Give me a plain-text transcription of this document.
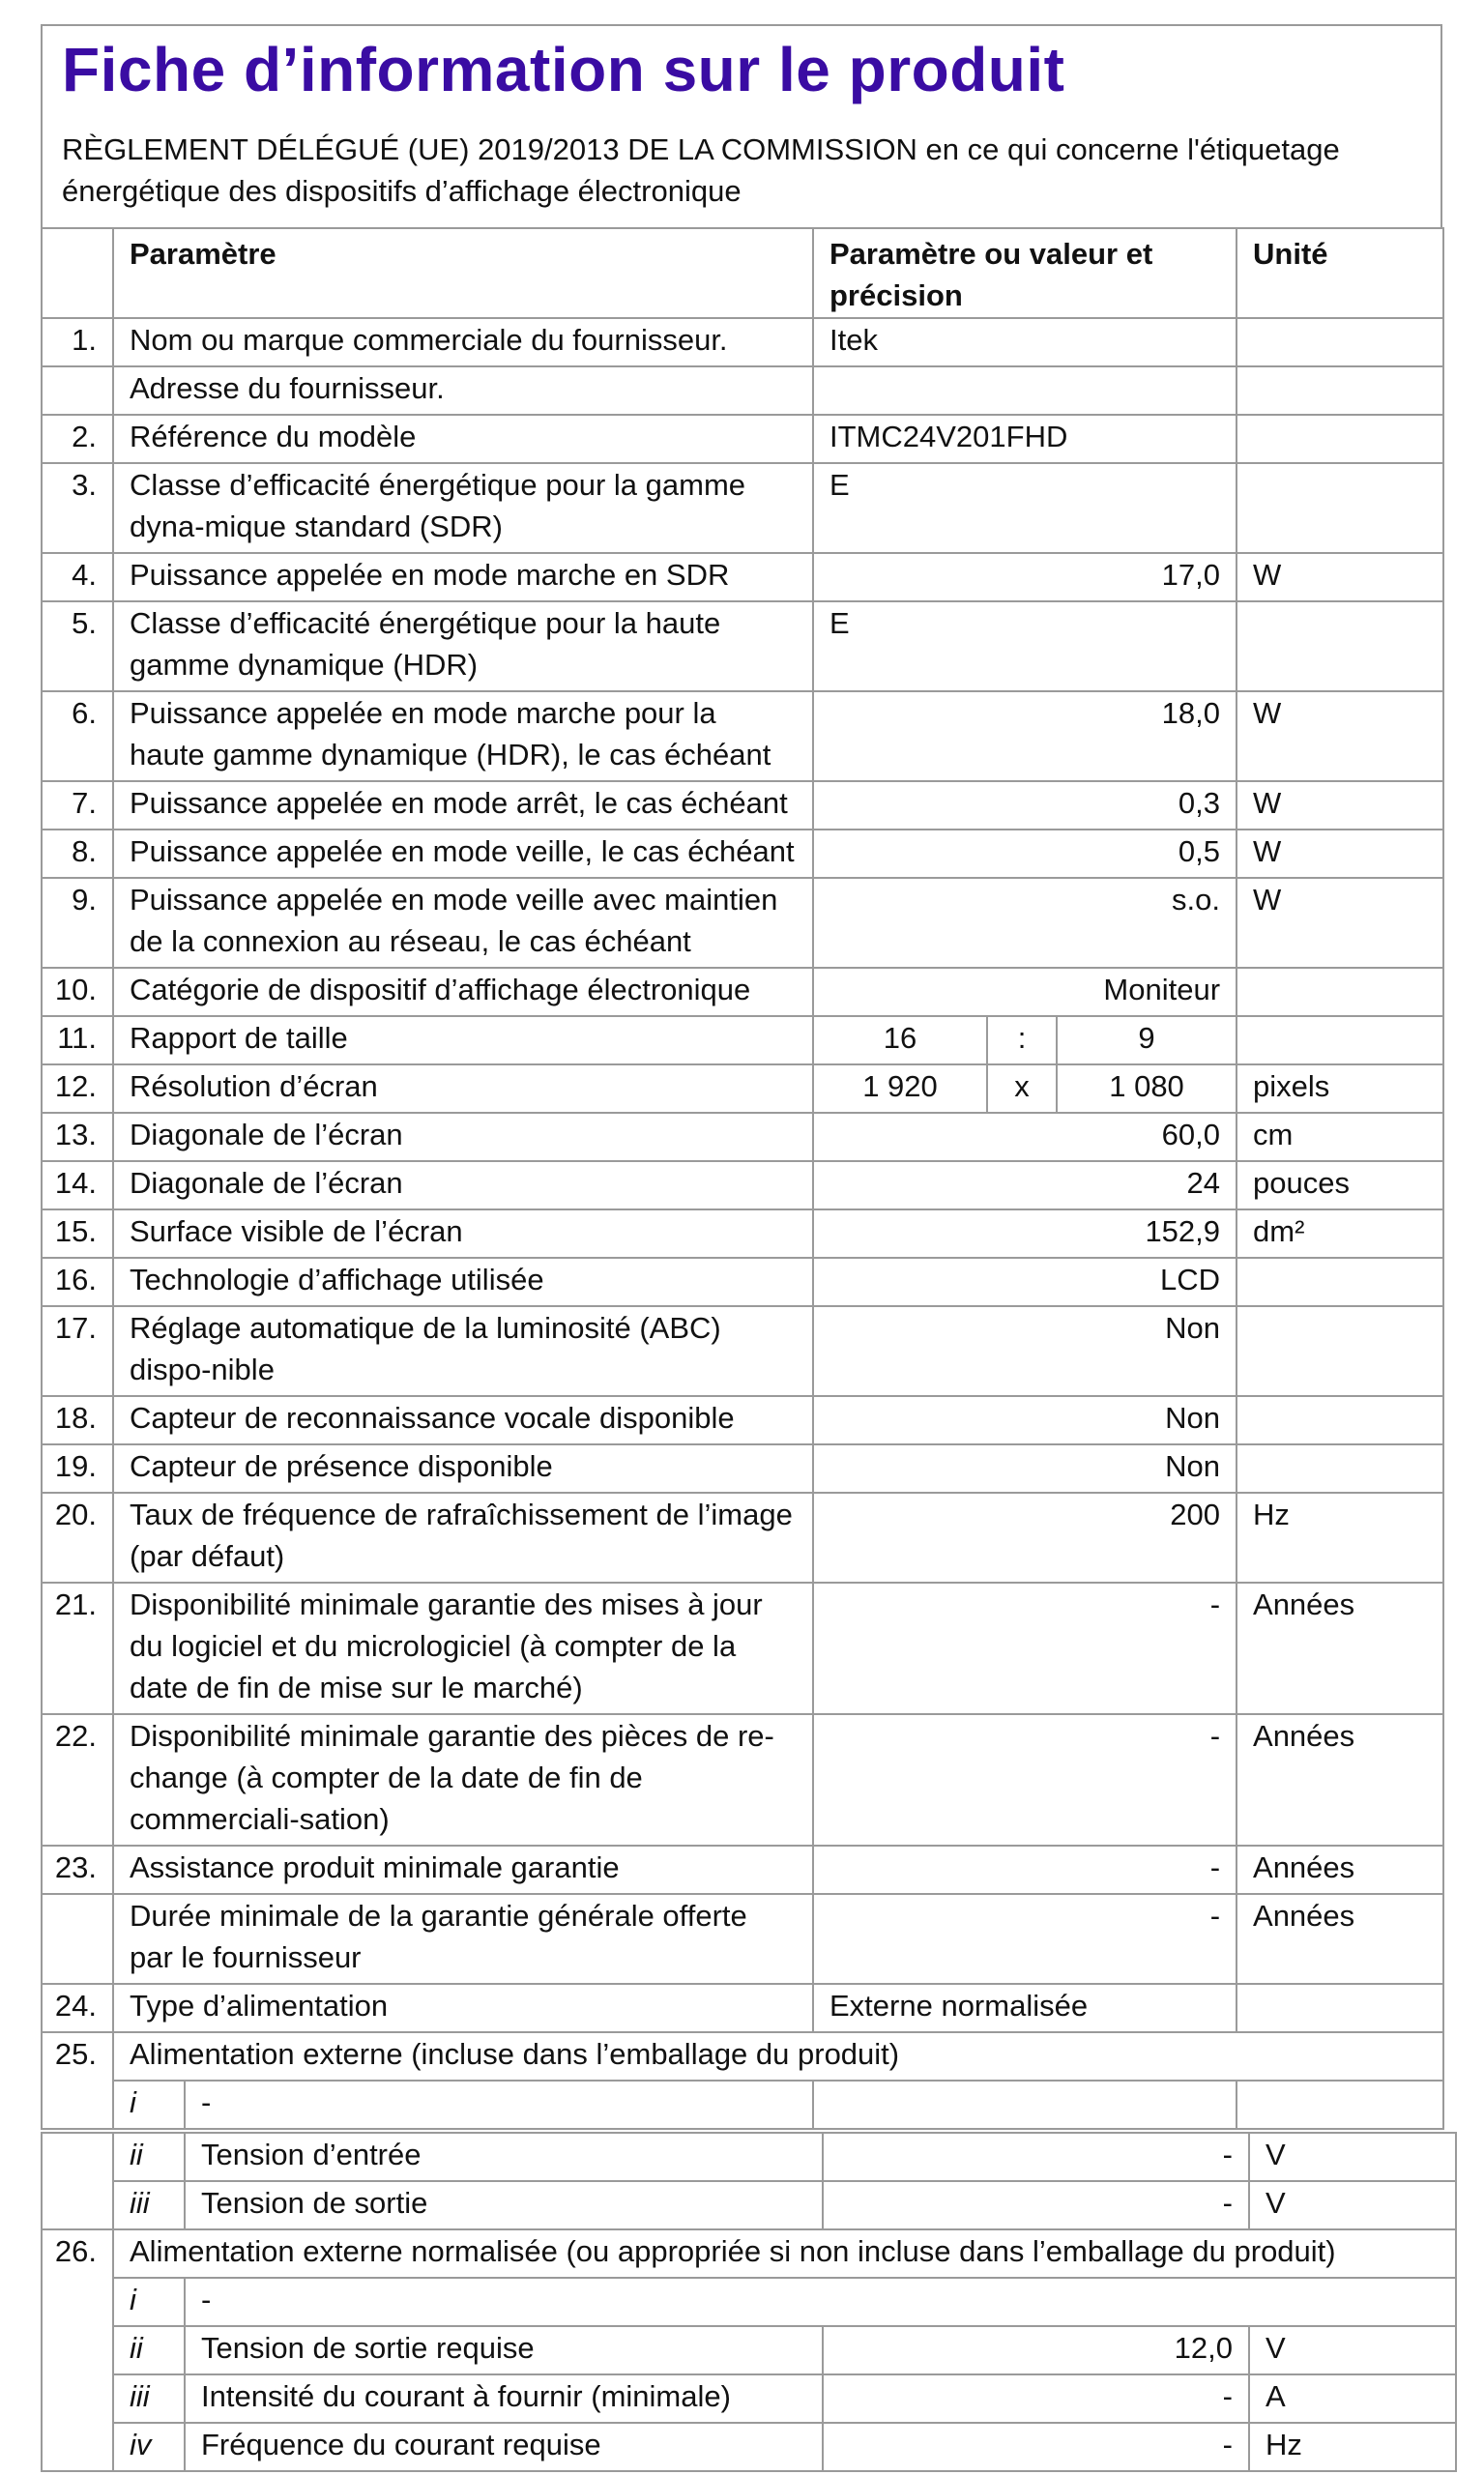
Fiche d’information sur le produit
RÈGLEMENT DÉLÉGUÉ (UE) 2019/2013 DE LA COMMISSION en ce qui concerne l'étiquetage énergétique des dispositifs d’affichage électronique
	Paramètre		Paramètre ou valeur et précision			Unité
1.	Nom ou marque commerciale du fournisseur.		Itek			
	Adresse du fournisseur.					
2.	Référence du modèle		ITMC24V201FHD			
3.	Classe d’efficacité énergétique pour la gamme dyna-mique standard (SDR)		E			
4.	Puissance appelée en mode marche en SDR		17,0			W
5.	Classe d’efficacité énergétique pour la haute gamme dynamique (HDR)		E			
6.	Puissance appelée en mode marche pour la haute gamme dynamique (HDR), le cas échéant		18,0			W
7.	Puissance appelée en mode arrêt, le cas échéant		0,3			W
8.	Puissance appelée en mode veille, le cas échéant		0,5			W
9.	Puissance appelée en mode veille avec maintien de la connexion au réseau, le cas échéant		s.o.			W
10.	Catégorie de dispositif d’affichage électronique		Moniteur			
11.	Rapport de taille		16	:	9	
12.	Résolution d’écran		1 920	x	1 080	pixels
13.	Diagonale de l’écran		60,0			cm
14.	Diagonale de l’écran		24			pouces
15.	Surface visible de l’écran		152,9			dm²
16.	Technologie d’affichage utilisée		LCD			
17.	Réglage automatique de la luminosité (ABC) dispo-nible		Non			
18.	Capteur de reconnaissance vocale disponible		Non			
19.	Capteur de présence disponible		Non			
20.	Taux de fréquence de rafraîchissement de l’image (par défaut)		200			Hz
21.	Disponibilité minimale garantie des mises à jour du logiciel et du micrologiciel (à compter de la date de fin de mise sur le marché)		-			Années
22.	Disponibilité minimale garantie des pièces de re-change (à compter de la date de fin de commerciali-sation)		-			Années
23.	Assistance produit minimale garantie		-			Années
	Durée minimale de la garantie générale offerte par le fournisseur		-			Années
24.	Type d’alimentation		Externe normalisée			
25.	Alimentation externe (incluse dans l’emballage du produit)					
	i	-				
	ii	Tension d’entrée	-	V
	iii	Tension de sortie	-	V
26.	Alimentation externe normalisée (ou appropriée si non incluse dans l’emballage du produit)			
	i	-		
	ii	Tension de sortie requise	12,0	V
	iii	Intensité du courant à fournir (minimale)	-	A
	iv	Fréquence du courant requise	-	Hz
